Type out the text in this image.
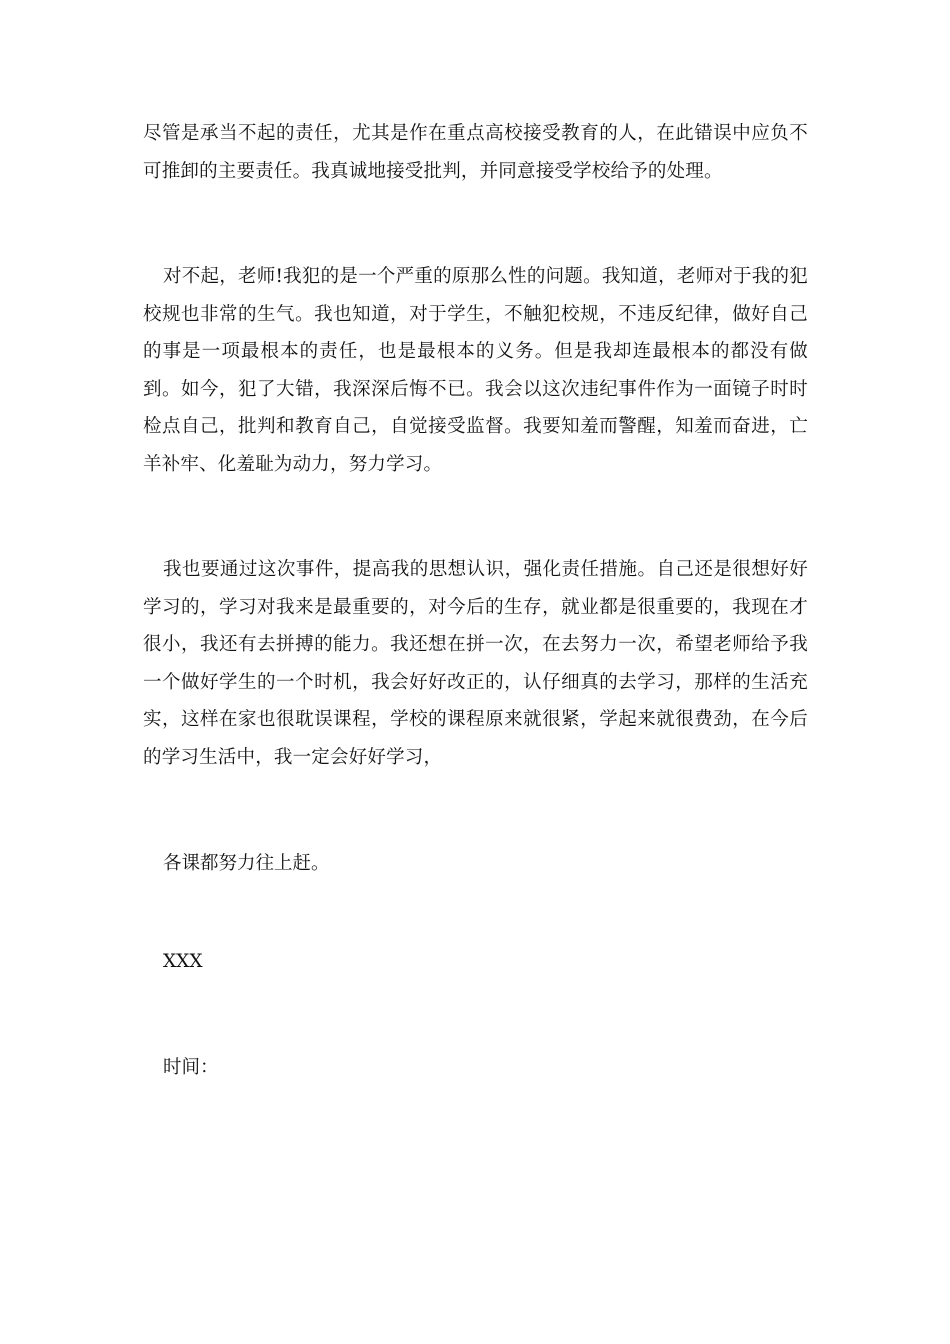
尽管是承当不起的责任，尤其是作在重点高校接受教育的人，在此错误中应负不可推卸的主要责任。我真诚地接受批判，并同意接受学校给予的处理。

对不起，老师!我犯的是一个严重的原那么性的问题。我知道，老师对于我的犯校规也非常的生气。我也知道，对于学生，不触犯校规，不违反纪律，做好自己的事是一项最根本的责任，也是最根本的义务。但是我却连最根本的都没有做到。如今，犯了大错，我深深后悔不已。我会以这次违纪事件作为一面镜子时时检点自己，批判和教育自己，自觉接受监督。我要知羞而警醒，知羞而奋进，亡羊补牢、化羞耻为动力，努力学习。

我也要通过这次事件，提高我的思想认识，强化责任措施。自己还是很想好好学习的，学习对我来是最重要的，对今后的生存，就业都是很重要的，我现在才很小，我还有去拼搏的能力。我还想在拼一次，在去努力一次，希望老师给予我一个做好学生的一个时机，我会好好改正的，认仔细真的去学习，那样的生活充实，这样在家也很耽误课程，学校的课程原来就很紧，学起来就很费劲，在今后的学习生活中，我一定会好好学习，

各课都努力往上赶。

XXX

时间：
